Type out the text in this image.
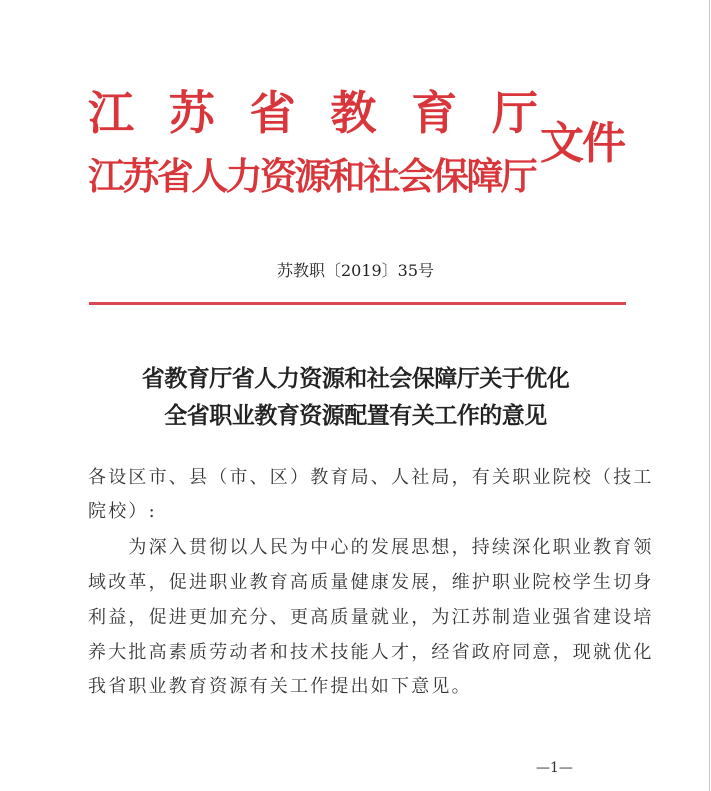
江 苏 省 教 育 厅
江苏省人力资源和社会保障厅
文件
苏教职〔2019〕35号
省教育厅省人力资源和社会保障厅关于优化
全省职业教育资源配置有关工作的意见
各设区市、县（市、区）教育局、人社局，有关职业院校（技工
院校）:
　　为深入贯彻以人民为中心的发展思想，持续深化职业教育领
域改革，促进职业教育高质量健康发展，维护职业院校学生切身
利益，促进更加充分、更高质量就业，为江苏制造业强省建设培
养大批高素质劳动者和技术技能人才，经省政府同意，现就优化
我省职业教育资源有关工作提出如下意见。
—1—
